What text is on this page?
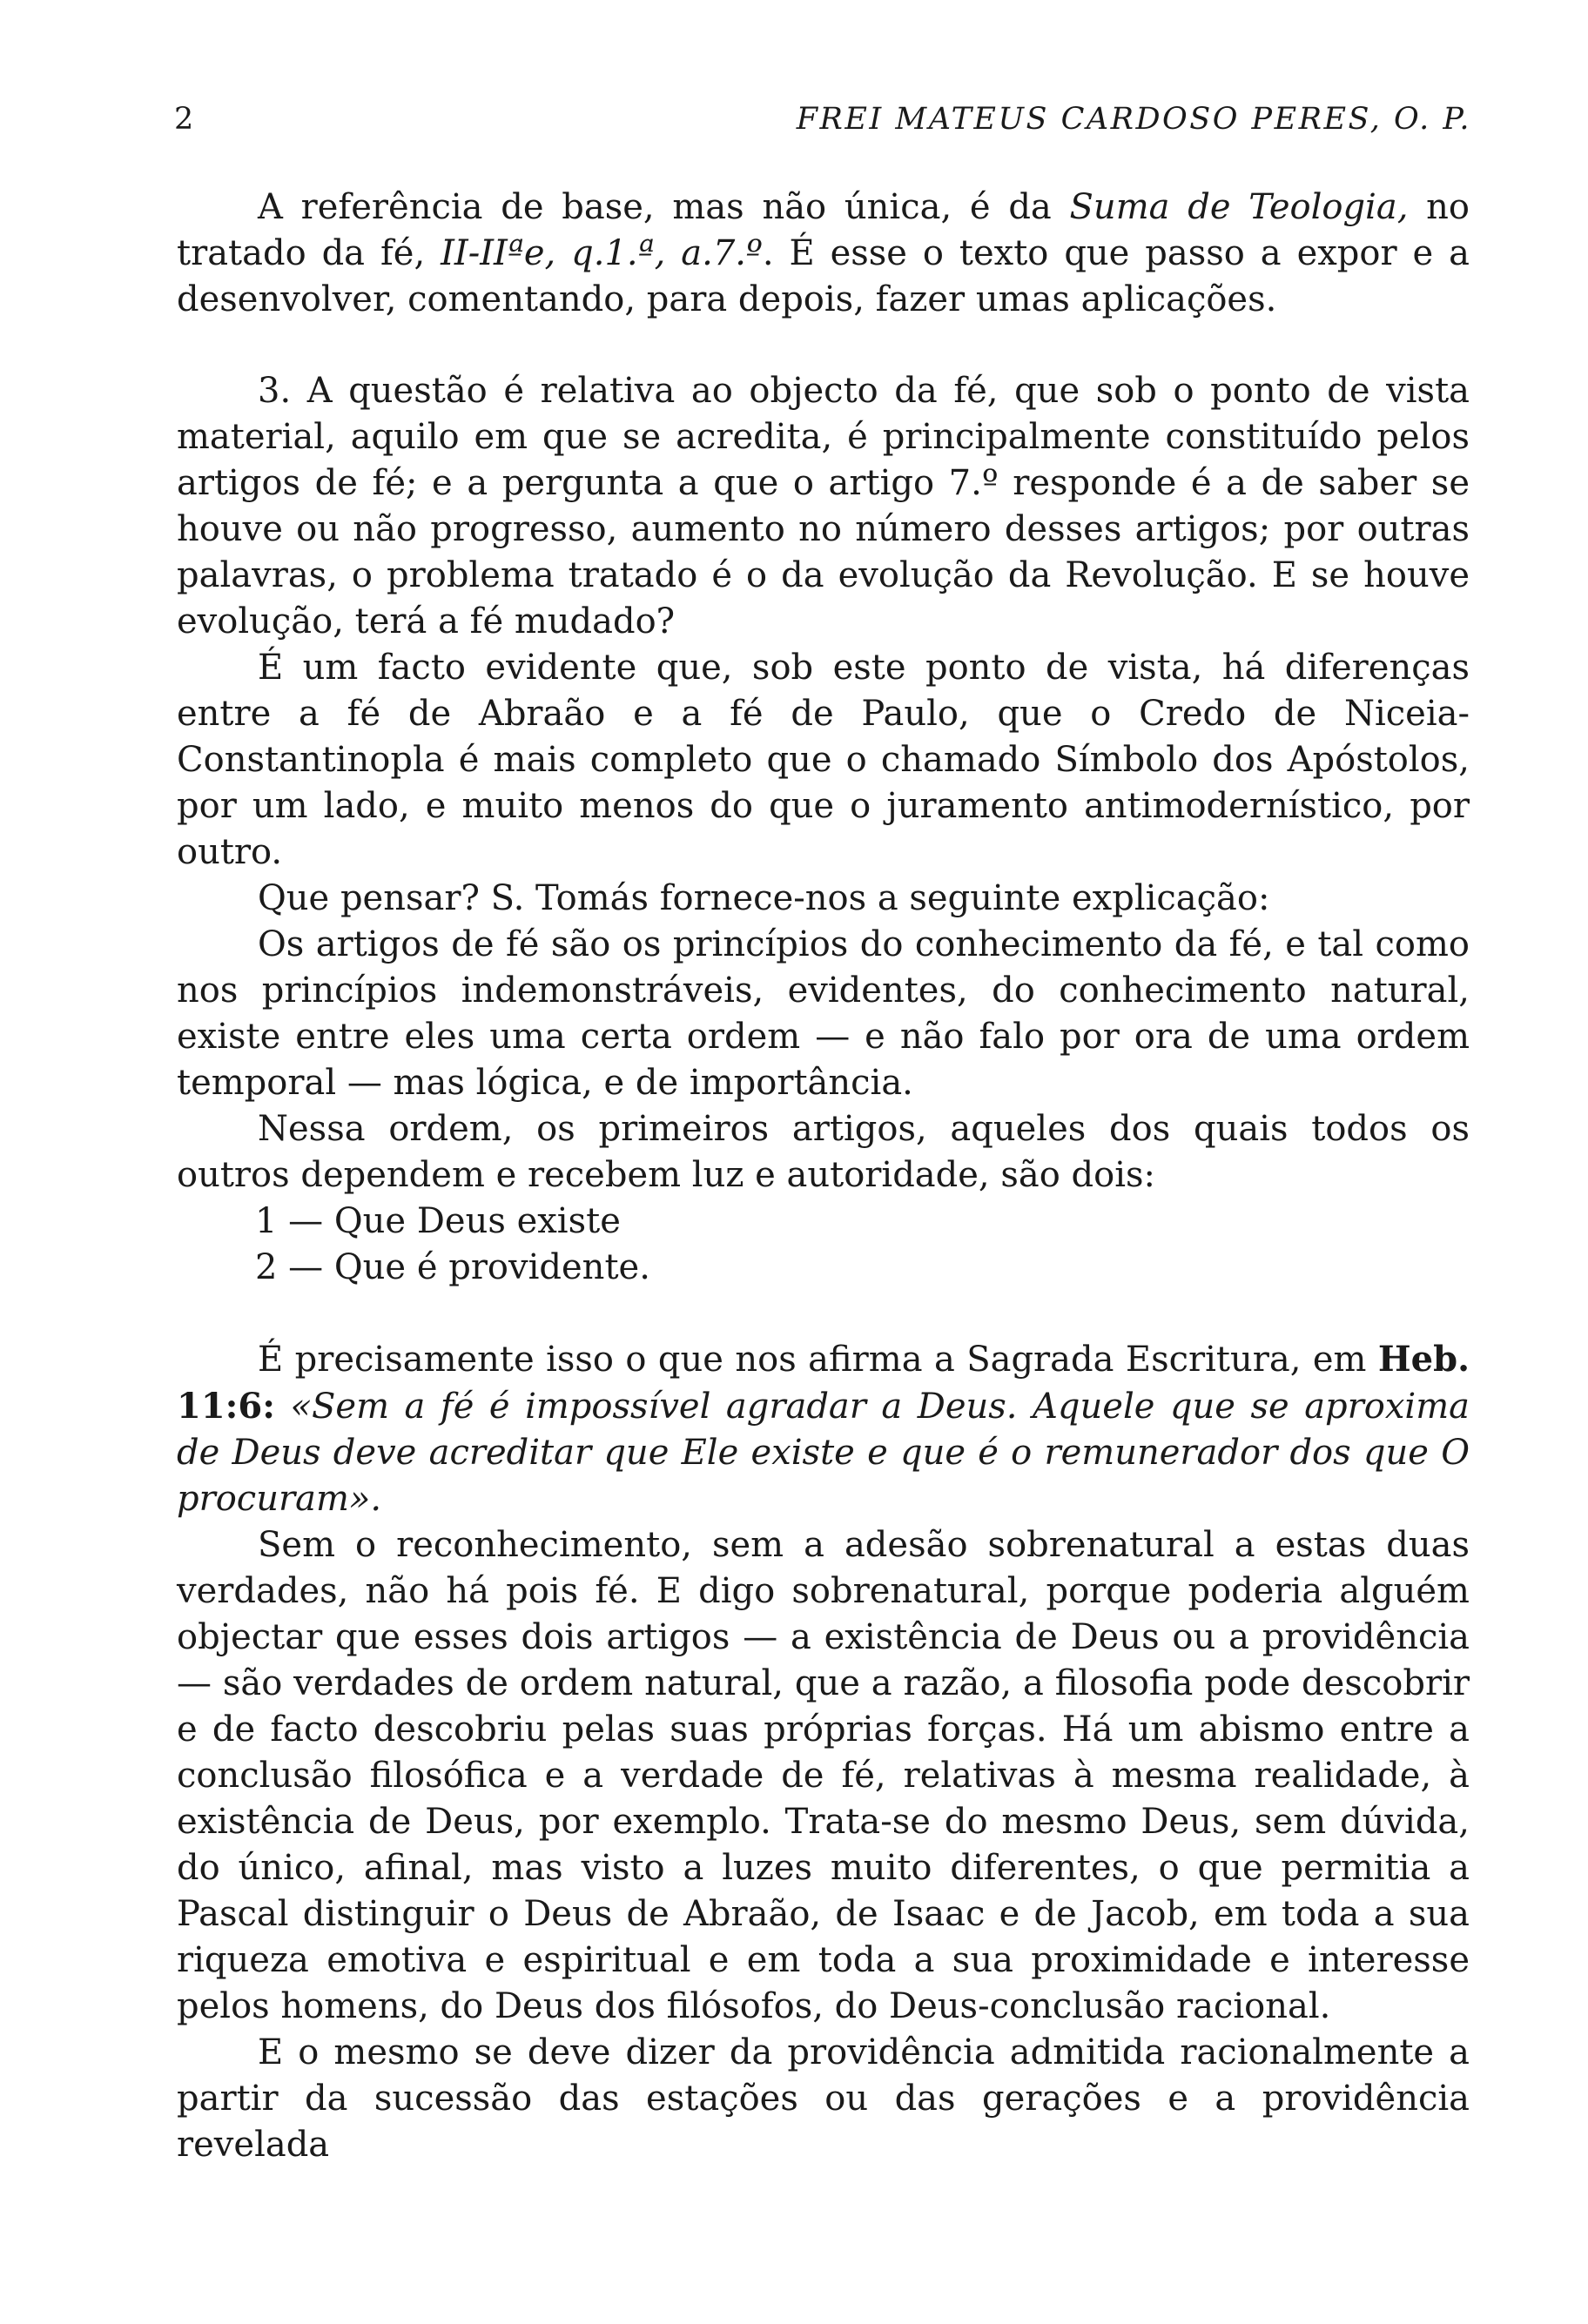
2	FREI MATEUS CARDOSO PERES, O. P.

A referência de base, mas não única, é da Suma de Teologia, no tratado da fé, II-IIªe, q.1.ª, a.7.º. É esse o texto que passo a expor e a desenvolver, comentando, para depois, fazer umas aplicações.

3. A questão é relativa ao objecto da fé, que sob o ponto de vista material, aquilo em que se acredita, é principalmente constituído pelos artigos de fé; e a pergunta a que o artigo 7.º responde é a de saber se houve ou não progresso, aumento no número desses artigos; por outras palavras, o problema tratado é o da evolução da Revolução. E se houve evolução, terá a fé mudado?

É um facto evidente que, sob este ponto de vista, há diferenças entre a fé de Abraão e a fé de Paulo, que o Credo de Niceia-Constantinopla é mais completo que o chamado Símbolo dos Apóstolos, por um lado, e muito menos do que o juramento antimodernístico, por outro.

Que pensar? S. Tomás fornece-nos a seguinte explicação:

Os artigos de fé são os princípios do conhecimento da fé, e tal como nos princípios indemonstráveis, evidentes, do conhecimento natural, existe entre eles uma certa ordem — e não falo por ora de uma ordem temporal — mas lógica, e de importância.

Nessa ordem, os primeiros artigos, aqueles dos quais todos os outros dependem e recebem luz e autoridade, são dois:

1 — Que Deus existe
2 — Que é providente.

É precisamente isso o que nos afirma a Sagrada Escritura, em Heb. 11:6: «Sem a fé é impossível agradar a Deus. Aquele que se aproxima de Deus deve acreditar que Ele existe e que é o remunerador dos que O procuram».

Sem o reconhecimento, sem a adesão sobrenatural a estas duas verdades, não há pois fé. E digo sobrenatural, porque poderia alguém objectar que esses dois artigos — a existência de Deus ou a providência — são verdades de ordem natural, que a razão, a filosofia pode descobrir e de facto descobriu pelas suas próprias forças. Há um abismo entre a conclusão filosófica e a verdade de fé, relativas à mesma realidade, à existência de Deus, por exemplo. Trata-se do mesmo Deus, sem dúvida, do único, afinal, mas visto a luzes muito diferentes, o que permitia a Pascal distinguir o Deus de Abraão, de Isaac e de Jacob, em toda a sua riqueza emotiva e espiritual e em toda a sua proximidade e interesse pelos homens, do Deus dos filósofos, do Deus-conclusão racional.

E o mesmo se deve dizer da providência admitida racionalmente a partir da sucessão das estações ou das gerações e a providência revelada
